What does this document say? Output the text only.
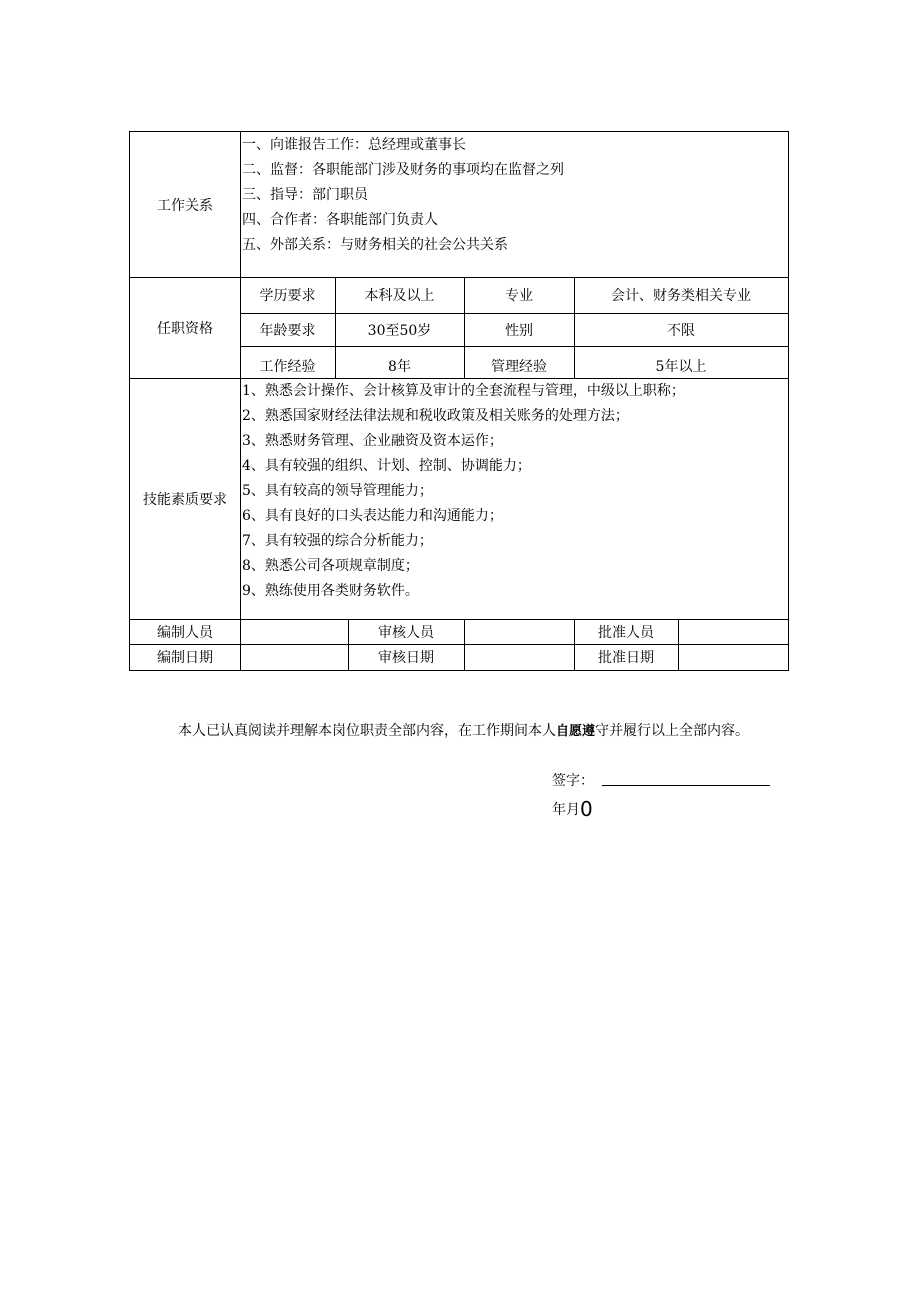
工作关系
一、向谁报告工作：总经理或董事长
二、监督：各职能部门涉及财务的事项均在监督之列
三、指导：部门职员
四、合作者：各职能部门负责人
五、外部关系：与财务相关的社会公共关系
任职资格
学历要求	本科及以上	专业	会计、财务类相关专业
年龄要求	30至50岁	性别	不限
工作经验	8年	管理经验	5年以上
技能素质要求
1、熟悉会计操作、会计核算及审计的全套流程与管理，中级以上职称；
2、熟悉国家财经法律法规和税收政策及相关账务的处理方法；
3、熟悉财务管理、企业融资及资本运作；
4、具有较强的组织、计划、控制、协调能力；
5、具有较高的领导管理能力；
6、具有良好的口头表达能力和沟通能力；
7、具有较强的综合分析能力；
8、熟悉公司各项规章制度；
9、熟练使用各类财务软件。
编制人员	审核人员	批准人员
编制日期	审核日期	批准日期
本人已认真阅读并理解本岗位职责全部内容，在工作期间本人自愿遵守并履行以上全部内容。
签字：
年月0
